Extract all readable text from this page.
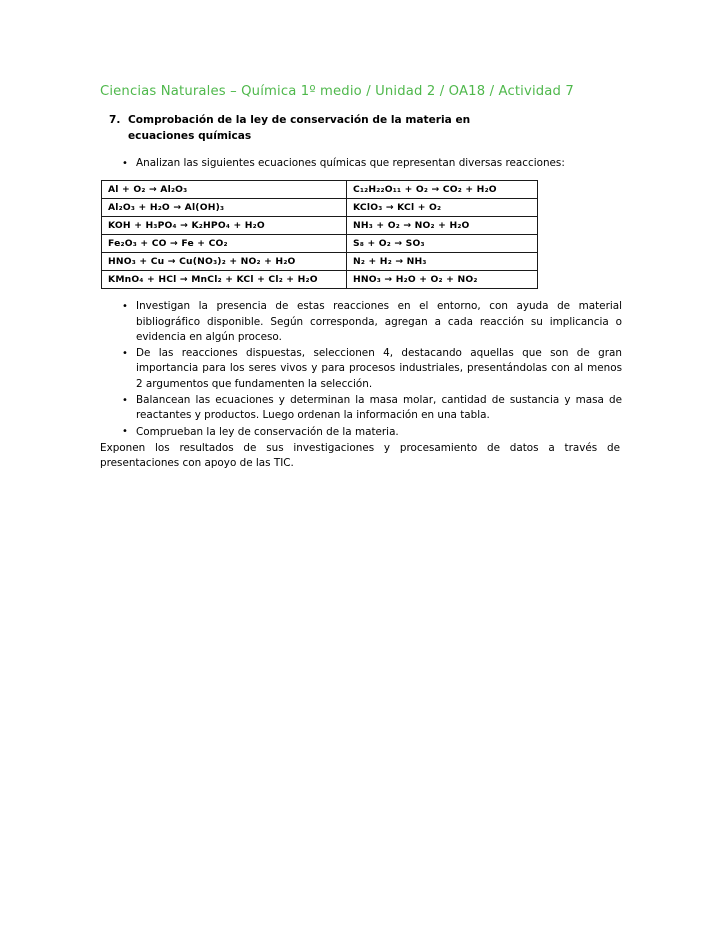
Ciencias Naturales – Química 1º medio / Unidad 2 / OA18 / Actividad 7
7. Comprobación de la ley de conservación de la materia en ecuaciones químicas
• Analizan las siguientes ecuaciones químicas que representan diversas reacciones:
Al + O₂ → Al₂O₃	C₁₂H₂₂O₁₁ + O₂ → CO₂ + H₂O
Al₂O₃ + H₂O → Al(OH)₃	KClO₃ → KCl + O₂
KOH + H₃PO₄ → K₂HPO₄ + H₂O	NH₃ + O₂ → NO₂ + H₂O
Fe₂O₃ + CO → Fe + CO₂	S₈ + O₂ → SO₃
HNO₃ + Cu → Cu(NO₃)₂ + NO₂ + H₂O	N₂ + H₂ → NH₃
KMnO₄ + HCl → MnCl₂ + KCl + Cl₂ + H₂O	HNO₃ → H₂O + O₂ + NO₂
• Investigan la presencia de estas reacciones en el entorno, con ayuda de material bibliográfico disponible. Según corresponda, agregan a cada reacción su implicancia o evidencia en algún proceso.
• De las reacciones dispuestas, seleccionen 4, destacando aquellas que son de gran importancia para los seres vivos y para procesos industriales, presentándolas con al menos 2 argumentos que fundamenten la selección.
• Balancean las ecuaciones y determinan la masa molar, cantidad de sustancia y masa de reactantes y productos. Luego ordenan la información en una tabla.
• Comprueban la ley de conservación de la materia.

Exponen los resultados de sus investigaciones y procesamiento de datos a través de presentaciones con apoyo de las TIC.
